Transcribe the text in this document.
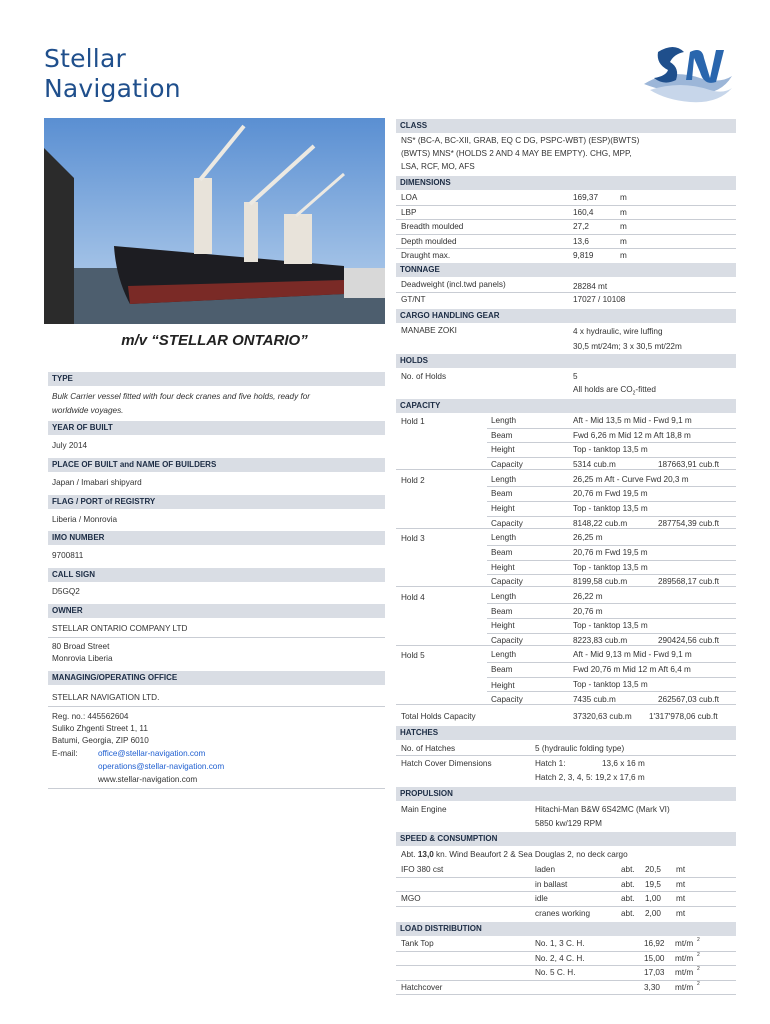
Stellar
Navigation
m/v “STELLAR ONTARIO”
TYPE
Bulk Carrier vessel fitted with four deck cranes and five holds, ready for
worldwide voyages.
YEAR OF BUILT
July 2014
PLACE OF BUILT and NAME OF BUILDERS
Japan / Imabari shipyard
FLAG / PORT of REGISTRY
Liberia / Monrovia
IMO NUMBER
9700811
CALL SIGN
D5GQ2
OWNER
STELLAR ONTARIO COMPANY LTD
80 Broad Street
Monrovia Liberia
MANAGING/OPERATING OFFICE
STELLAR NAVIGATION LTD.
Reg. no.: 445562604
Suliko Zhgenti Street 1, 11
Batumi, Georgia, ZIP 6010
E-mail:	office@stellar-navigation.com
operations@stellar-navigation.com
www.stellar-navigation.com
CLASS
NS* (BC-A, BC-XII, GRAB, EQ C DG, PSPC-WBT) (ESP)(BWTS)
(BWTS) MNS* (HOLDS 2 AND 4 MAY BE EMPTY). CHG, MPP,
LSA, RCF, MO, AFS
DIMENSIONS
TONNAGE
Deadweight (incl.twd panels)	28284 mt
GT/NT	17027 / 10108
CARGO HANDLING GEAR
MANABE ZOKI	4 x hydraulic, wire luffing
30,5 mt/24m; 3 x 30,5 mt/22m
HOLDS
No. of Holds	5
All holds are $CO_2$-fitted
CAPACITY
Total Holds Capacity	37320,63 cub.m 1'317'978,06 cub.ft
HATCHES
No. of Hatches	5 (hydraulic folding type)
Hatch Cover Dimensions	Hatch 1:	13,6 x 16 m
Hatch 2, 3, 4, 5: 19,2 x 17,6 m
PROPULSION
Main Engine	Hitachi-Man B&W 6S42MC (Mark VI)
5850 kw/129 RPM
SPEED & CONSUMPTION
Abt. 13,0 kn. Wind Beaufort 2 & Sea Douglas 2, no deck cargo
LOAD DISTRIBUTION
LOA	169,37	m
LBP	160,4	m
Breadth moulded	27,2	m
Depth moulded	13,6	m
Draught max.	9,819	m
Hold 1	Length	Aft - Mid 13,5 m Mid - Fwd 9,1 m
Beam	Fwd 6,26 m Mid 12 m Aft 18,8 m
Height	Top - tanktop 13,5 m
Capacity	5314 cub.m	187663,91 cub.ft
Hold 2	Length	26,25 m Aft - Curve Fwd 20,3 m
Beam	20,76 m Fwd 19,5 m
Height	Top - tanktop 13,5 m
Capacity	8148,22 cub.m	287754,39 cub.ft
Hold 3	Length	26,25 m
Beam	20,76 m Fwd 19,5 m
Height	Top - tanktop 13,5 m
Capacity	8199,58 cub.m	289568,17 cub.ft
Hold 4	Length	26,22 m
Beam	20,76 m
Height	Top - tanktop 13,5 m
Capacity	8223,83 cub.m	290424,56 cub.ft
Hold 5	Length	Aft - Mid 9,13 m Mid - Fwd 9,1 m
Beam	Fwd 20,76 m Mid 12 m Aft 6,4 m
Height	Top - tanktop 13,5 m
Capacity	7435 cub.m	262567,03 cub.ft
IFO 380 cst	laden	abt. 20,5 mt
in ballast	abt. 19,5 mt
MGO	idle	abt. 1,00 mt
cranes working	abt. 2,00 mt
Tank Top	No. 1, 3 C. H.	16,92 mt/m $^2$
No. 2, 4 C. H.	15,00 mt/m $^2$
No. 5 C. H.	17,03 mt/m $^2$
Hatchcover	3,30 mt/m $^2$
